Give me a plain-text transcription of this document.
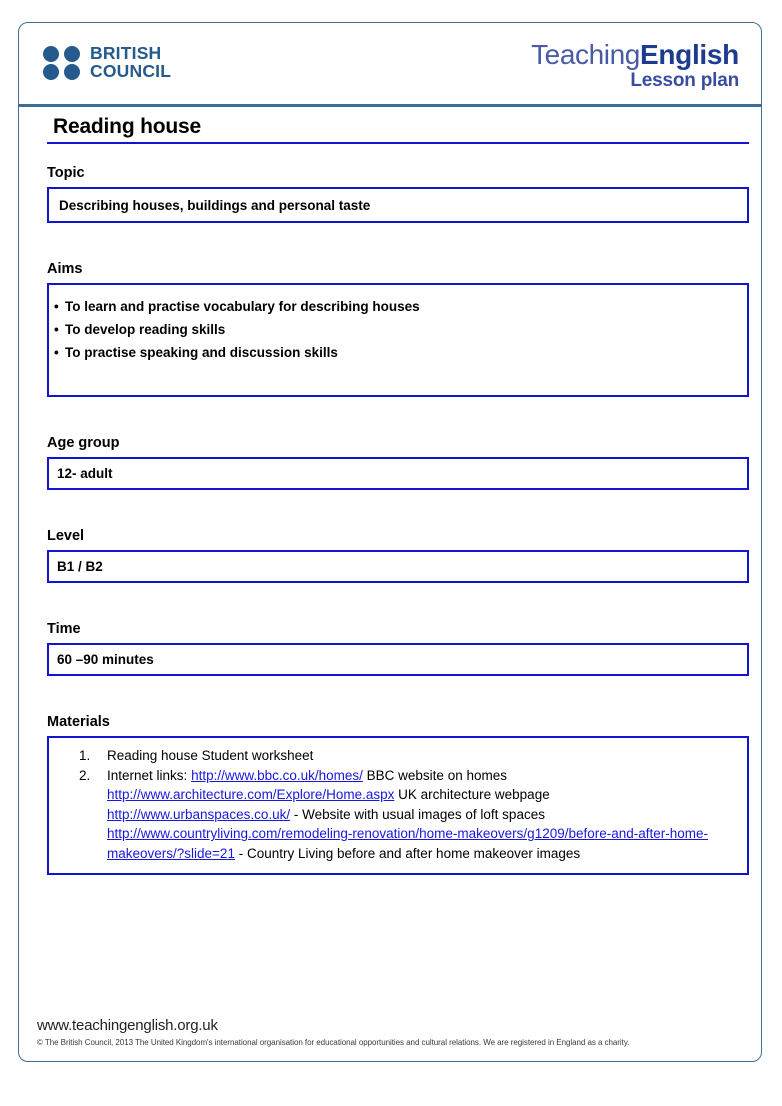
BRITISH
COUNCIL
TeachingEnglish
Lesson plan
Reading house
Topic
Describing houses, buildings and personal taste
Aims
• To learn and practise vocabulary for describing houses
• To develop reading skills
• To practise speaking and discussion skills
Age group
12- adult
Level
B1 / B2
Time
60 –90 minutes
Materials
1.	Reading house Student worksheet
2.	Internet links: http://www.bbc.co.uk/homes/ BBC website on homes
http://www.architecture.com/Explore/Home.aspx UK architecture webpage
http://www.urbanspaces.co.uk/ - Website with usual images of loft spaces
http://www.countryliving.com/remodeling-renovation/home-makeovers/g1209/before-and-after-home-makeovers/?slide=21 - Country Living before and after home makeover images
www.teachingenglish.org.uk
© The British Council, 2013 The United Kingdom's international organisation for educational opportunities and cultural relations. We are registered in England as a charity.
